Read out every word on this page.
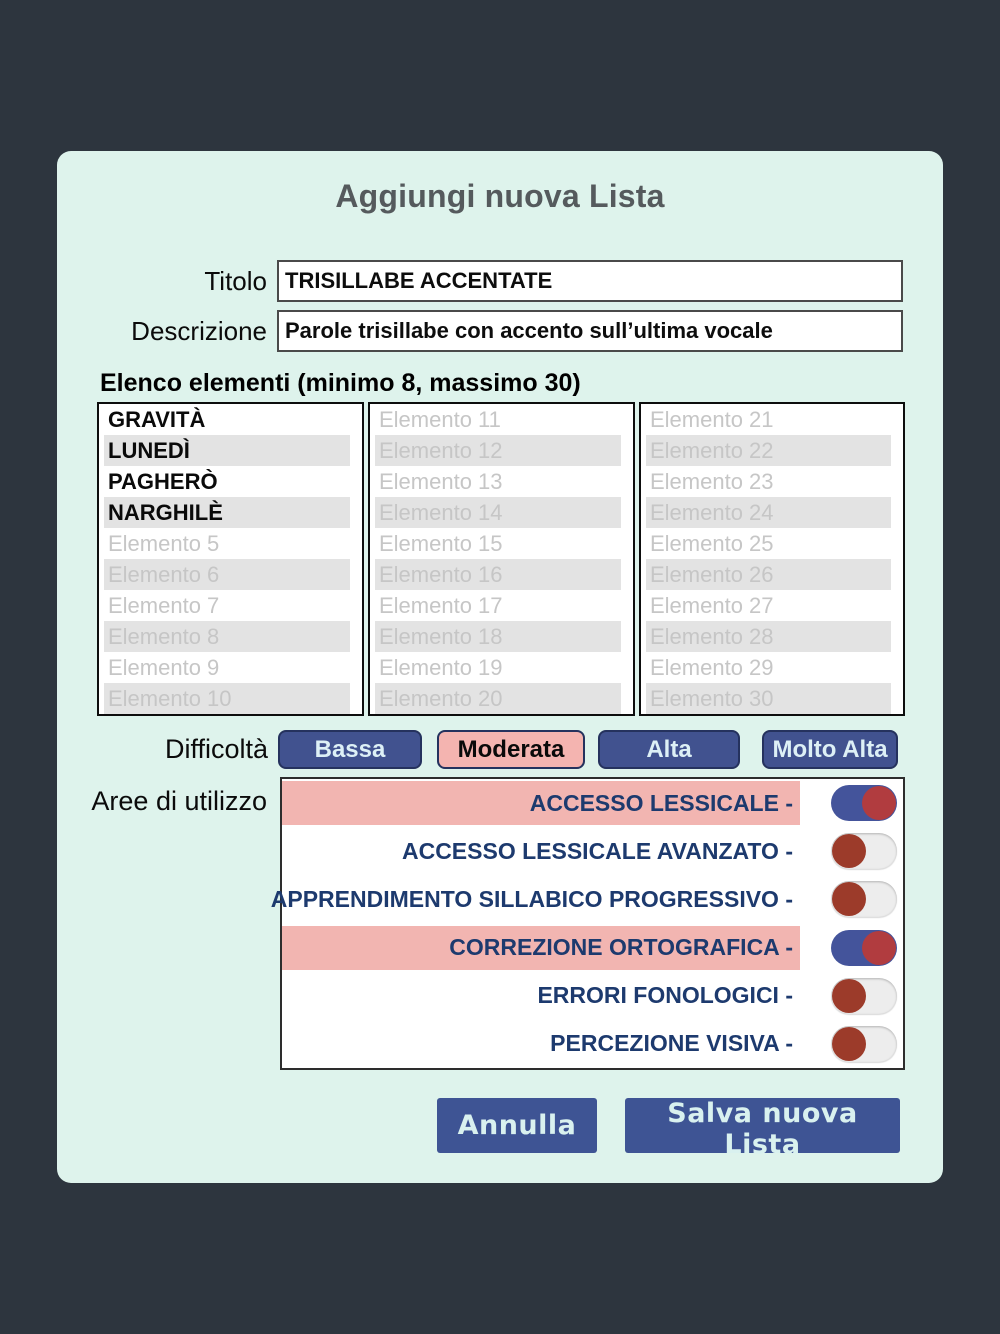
Aggiungi nuova Lista
Titolo
TRISILLABE ACCENTATE
Descrizione
Parole trisillabe con accento sull’ultima vocale
Elenco elementi (minimo 8, massimo 30)
GRAVITÀ
LUNEDÌ
PAGHERÒ
NARGHILÈ
Elemento 5
Elemento 6
Elemento 7
Elemento 8
Elemento 9
Elemento 10
Elemento 11
Elemento 12
Elemento 13
Elemento 14
Elemento 15
Elemento 16
Elemento 17
Elemento 18
Elemento 19
Elemento 20
Elemento 21
Elemento 22
Elemento 23
Elemento 24
Elemento 25
Elemento 26
Elemento 27
Elemento 28
Elemento 29
Elemento 30
Difficoltà	Bassa	Moderata	Alta	Molto Alta
Aree di utilizzo	ACCESSO LESSICALE -
ACCESSO LESSICALE AVANZATO -
APPRENDIMENTO SILLABICO PROGRESSIVO -
CORREZIONE ORTOGRAFICA -
ERRORI FONOLOGICI -
PERCEZIONE VISIVA -
Annulla	Salva nuova Lista
